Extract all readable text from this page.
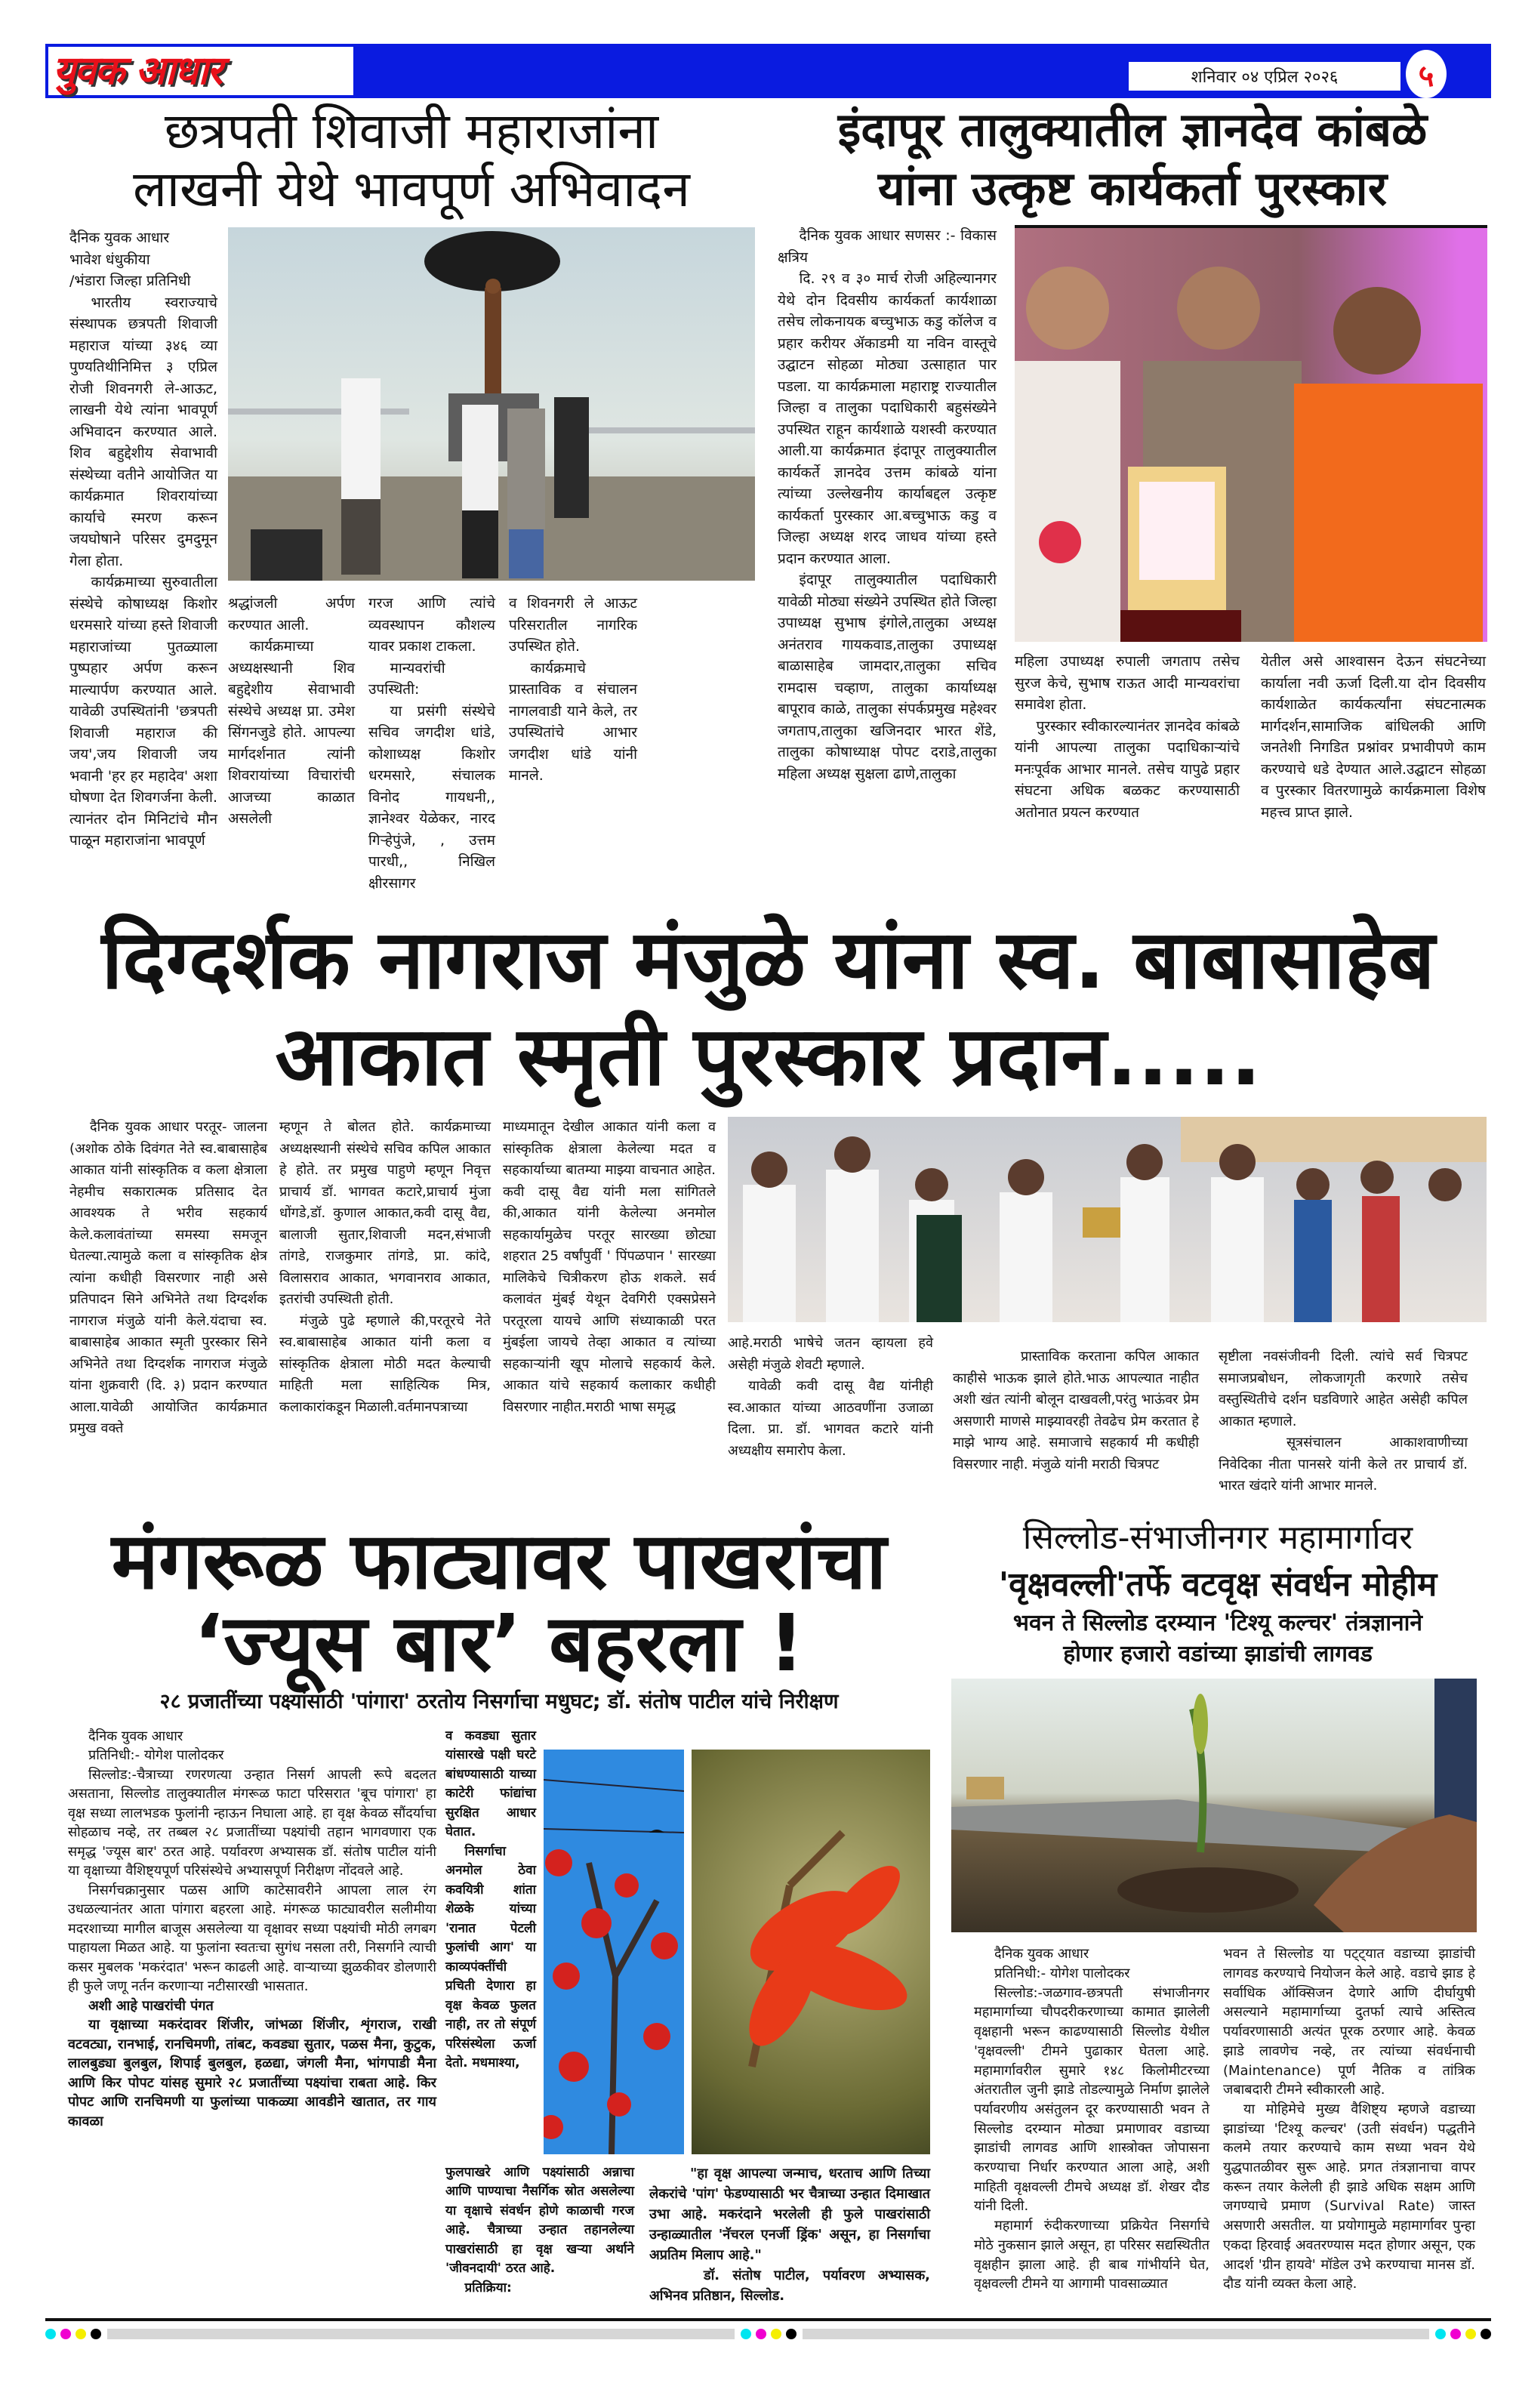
युवक आधार	शनिवार ०४ एप्रिल २०२६	५
छत्रपती शिवाजी महाराजांना
लाखनी येथे भावपूर्ण अभिवादन

दैनिक युवक आधार

भावेश धंधुकीया

/भंडारा जिल्हा प्रतिनिधी

भारतीय स्वराज्याचे संस्थापक छत्रपती शिवाजी महाराज यांच्या ३४६ व्या पुण्यतिथीनिमित्त ३ एप्रिल रोजी शिवनगरी ले-आऊट, लाखनी येथे त्यांना भावपूर्ण अभिवादन करण्यात आले. शिव बहुद्देशीय सेवाभावी संस्थेच्या वतीने आयोजित या कार्यक्रमात शिवरायांच्या कार्याचे स्मरण करून जयघोषाने परिसर दुमदुमून गेला होता.

कार्यक्रमाच्या सुरुवातीला संस्थेचे कोषाध्यक्ष किशोर धरमसारे यांच्या हस्ते शिवाजी महाराजांच्या पुतळ्याला पुष्पहार अर्पण करून माल्यार्पण करण्यात आले. यावेळी उपस्थितांनी 'छत्रपती शिवाजी महाराज की जय',जय शिवाजी जय भवानी 'हर हर महादेव' अशा घोषणा देत शिवगर्जना केली. त्यानंतर दोन मिनिटांचे मौन पाळून महाराजांना भावपूर्ण

श्रद्धांजली अर्पण करण्यात आली.

कार्यक्रमाच्या अध्यक्षस्थानी शिव बहुद्देशीय सेवाभावी संस्थेचे अध्यक्ष प्रा. उमेश सिंगनजुडे होते. आपल्या मार्गदर्शनात त्यांनी शिवरायांच्या विचारांची आजच्या काळात असलेली

गरज आणि त्यांचे व्यवस्थापन कौशल्य यावर प्रकाश टाकला.

मान्यवरांची उपस्थिती:

या प्रसंगी संस्थेचे सचिव जगदीश धांडे, कोशाध्यक्ष किशोर धरमसारे, संचालक विनोद गायधनी,, ज्ञानेश्वर येळेकर, नारद गिऱ्हेपुंजे, , उत्तम पारधी,, निखिल क्षीरसागर

व शिवनगरी ले आऊट परिसरातील नागरिक उपस्थित होते.

कार्यक्रमाचे प्रास्ताविक व संचालन नागलवाडी याने केले, तर उपस्थितांचे आभार जगदीश धांडे यांनी मानले.

इंदापूर तालुक्यातील ज्ञानदेव कांबळे
यांना उत्कृष्ट कार्यकर्ता पुरस्कार

दैनिक युवक आधार सणसर :- विकास क्षत्रिय

दि. २९ व ३० मार्च रोजी अहिल्यानगर येथे दोन दिवसीय कार्यकर्ता कार्यशाळा तसेच लोकनायक बच्चुभाऊ कडु कॉलेज व प्रहार करीयर ॲकाडमी या नविन वास्तूचे उद्घाटन सोहळा मोठ्या उत्साहात पार पडला. या कार्यक्रमाला महाराष्ट्र राज्यातील जिल्हा व तालुका पदाधिकारी बहुसंख्येने उपस्थित राहून कार्यशाळे यशस्वी करण्यात आली.या कार्यक्रमात इंदापूर तालुक्यातील कार्यकर्ते ज्ञानदेव उत्तम कांबळे यांना त्यांच्या उल्लेखनीय कार्याबद्दल उत्कृष्ट कार्यकर्ता पुरस्कार आ.बच्चुभाऊ कडु व जिल्हा अध्यक्ष शरद जाधव यांच्या हस्ते प्रदान करण्यात आला.

इंदापूर तालुक्यातील पदाधिकारी यावेळी मोठ्या संख्येने उपस्थित होते जिल्हा उपाध्यक्ष सुभाष इंगोले,तालुका अध्यक्ष अनंतराव गायकवाड,तालुका उपाध्यक्ष बाळासाहेब जामदार,तालुका सचिव रामदास चव्हाण, तालुका कार्याध्यक्ष बापूराव काळे, तालुका संपर्कप्रमुख महेश्वर जगताप,तालुका खजिनदार भारत शेंडे, तालुका कोषाध्याक्ष पोपट दराडे,तालुका महिला अध्यक्ष सुक्षला ढाणे,तालुका

महिला उपाध्यक्ष रुपाली जगताप तसेच सुरज केचे, सुभाष राऊत आदी मान्यवरांचा समावेश होता.

पुरस्कार स्वीकारल्यानंतर ज्ञानदेव कांबळे यांनी आपल्या तालुका पदाधिकाऱ्यांचे मनःपूर्वक आभार मानले. तसेच यापुढे प्रहार संघटना अधिक बळकट करण्यासाठी अतोनात प्रयत्न करण्यात

येतील असे आश्वासन देऊन संघटनेच्या कार्याला नवी ऊर्जा दिली.या दोन दिवसीय कार्यशाळेत कार्यकर्त्यांना संघटनात्मक मार्गदर्शन,सामाजिक बांधिलकी आणि जनतेशी निगडित प्रश्नांवर प्रभावीपणे काम करण्याचे धडे देण्यात आले.उद्घाटन सोहळा व पुरस्कार वितरणामुळे कार्यक्रमाला विशेष महत्त्व प्राप्त झाले.

दिग्दर्शक नागराज मंजुळे यांना स्व. बाबासाहेब
आकात स्मृती पुरस्कार प्रदान.....

दैनिक युवक आधार परतूर- जालना (अशोक ठोके दिवंगत नेते स्व.बाबासाहेब आकात यांनी सांस्कृतिक व कला क्षेत्राला नेहमीच सकारात्मक प्रतिसाद देत आवश्यक ते भरीव सहकार्य केले.कलावंतांच्या समस्या समजून घेतल्या.त्यामुळे कला व सांस्कृतिक क्षेत्र त्यांना कधीही विसरणार नाही असे प्रतिपादन सिने अभिनेते तथा दिग्दर्शक नागराज मंजुळे यांनी केले.यंदाचा स्व. बाबासाहेब आकात स्मृती पुरस्कार सिने अभिनेते तथा दिग्दर्शक नागराज मंजुळे यांना शुक्रवारी (दि. ३) प्रदान करण्यात आला.यावेळी आयोजित कार्यक्रमात प्रमुख वक्ते

म्हणून ते बोलत होते. कार्यक्रमाच्या अध्यक्षस्थानी संस्थेचे सचिव कपिल आकात हे होते. तर प्रमुख पाहुणे म्हणून निवृत्त प्राचार्य डॉ. भागवत कटारे,प्राचार्य मुंजा धोंगडे,डॉ. कुणाल आकात,कवी दासू वैद्य, बालाजी सुतार,शिवाजी मदन,संभाजी तांगडे, राजकुमार तांगडे, प्रा. कांदे, विलासराव आकात, भगवानराव आकात, इतरांची उपस्थिती होती.

मंजुळे पुढे म्हणाले की,परतूरचे नेते स्व.बाबासाहेब आकात यांनी कला व सांस्कृतिक क्षेत्राला मोठी मदत केल्याची माहिती मला साहित्यिक मित्र, कलाकारांकडून मिळाली.वर्तमानपत्राच्या

माध्यमातून देखील आकात यांनी कला व सांस्कृतिक क्षेत्राला केलेल्या मदत व सहकार्याच्या बातम्या माझ्या वाचनात आहेत. कवी दासू वैद्य यांनी मला सांगितले की,आकात यांनी केलेल्या अनमोल सहकार्यामुळेच परतूर सारख्या छोट्या शहरात 25 वर्षांपुर्वी ' पिंपळपान ' सारख्या मालिकेचे चित्रीकरण होऊ शकले. सर्व कलावंत मुंबई येथून देवगिरी एक्सप्रेसने परतूरला यायचे आणि संध्याकाळी परत मुंबईला जायचे तेव्हा आकात व त्यांच्या सहकाऱ्यांनी खूप मोलाचे सहकार्य केले. आकात यांचे सहकार्य कलाकार कधीही विसरणार नाहीत.मराठी भाषा समृद्ध

आहे.मराठी भाषेचे जतन व्हायला हवे असेही मंजुळे शेवटी म्हणाले.

यावेळी कवी दासू वैद्य यांनीही स्व.आकात यांच्या आठवणींना उजाळा दिला. प्रा. डॉ. भागवत कटारे यांनी अध्यक्षीय समारोप केला.

प्रास्ताविक करताना कपिल आकात काहीसे भाऊक झाले होते.भाऊ आपल्यात नाहीत अशी खंत त्यांनी बोलून दाखवली,परंतु भाऊंवर प्रेम असणारी माणसे माझ्यावरही तेवढेच प्रेम करतात हे माझे भाग्य आहे. समाजाचे सहकार्य मी कधीही विसरणार नाही. मंजुळे यांनी मराठी चित्रपट

सृष्टीला नवसंजीवनी दिली. त्यांचे सर्व चित्रपट समाजप्रबोधन, लोकजागृती करणारे तसेच वस्तुस्थितीचे दर्शन घडविणारे आहेत असेही कपिल आकात म्हणाले.

सूत्रसंचालन आकाशवाणीच्या निवेदिका नीता पानसरे यांनी केले तर प्राचार्य डॉ. भारत खंदारे यांनी आभार मानले.

मंगरूळ फाट्यावर पाखरांचा
‘ज्यूस बार’ बहरला !
२८ प्रजातींच्या पक्ष्यांसाठी 'पांगारा' ठरतोय निसर्गाचा मधुघट; डॉ. संतोष पाटील यांचे निरीक्षण

दैनिक युवक आधार

प्रतिनिधी:- योगेश पालोदकर

सिल्लोड:-चैत्राच्या रणरणत्या उन्हात निसर्ग आपली रूपे बदलत असताना, सिल्लोड तालुक्यातील मंगरूळ फाटा परिसरात 'बूच पांगारा' हा वृक्ष सध्या लालभडक फुलांनी न्हाऊन निघाला आहे. हा वृक्ष केवळ सौंदर्याचा सोहळाच नव्हे, तर तब्बल २८ प्रजातींच्या पक्ष्यांची तहान भागवणारा एक समृद्ध 'ज्यूस बार' ठरत आहे. पर्यावरण अभ्यासक डॉ. संतोष पाटील यांनी या वृक्षाच्या वैशिष्ट्यपूर्ण परिसंस्थेचे अभ्यासपूर्ण निरीक्षण नोंदवले आहे.

निसर्गचक्रानुसार पळस आणि काटेसावरीने आपला लाल रंग उधळल्यानंतर आता पांगारा बहरला आहे. मंगरूळ फाट्यावरील सलीमीया मदरशाच्या मागील बाजूस असलेल्या या वृक्षावर सध्या पक्ष्यांची मोठी लगबग पाहायला मिळत आहे. या फुलांना स्वतःचा सुगंध नसला तरी, निसर्गाने त्याची कसर मुबलक 'मकरंदात' भरून काढली आहे. वाऱ्याच्या झुळकीवर डोलणारी ही फुले जणू नर्तन करणाऱ्या नटीसारखी भासतात.

अशी आहे पाखरांची पंगत

या वृक्षाच्या मकरंदावर शिंजीर, जांभळा शिंजीर, शृंगराज, राखी वटवट्या, रानभाई, रानचिमणी, तांबट, कवड्या सुतार, पळस मैना, कुटुक, लालबुड्या बुलबुल, शिपाई बुलबुल, हळद्या, जंगली मैना, भांगपाडी मैना आणि किर पोपट यांसह सुमारे २८ प्रजातींच्या पक्ष्यांचा राबता आहे. किर पोपट आणि रानचिमणी या फुलांच्या पाकळ्या आवडीने खातात, तर गाय कावळा

व कवड्या सुतार यांसारखे पक्षी घरटे बांधण्यासाठी याच्या काटेरी फांद्यांचा सुरक्षित आधार घेतात.

निसर्गाचा अनमोल ठेवा कवयित्री शांता शेळके यांच्या 'रानात पेटली फुलांची आग' या काव्यपंक्तींची प्रचिती देणारा हा वृक्ष केवळ फुलत नाही, तर तो संपूर्ण परिसंस्थेला ऊर्जा देतो. मधमाश्या,

फुलपाखरे आणि पक्ष्यांसाठी अन्नाचा आणि पाण्याचा नैसर्गिक स्रोत असलेल्या या वृक्षाचे संवर्धन होणे काळाची गरज आहे. चैत्राच्या उन्हात तहानलेल्या पाखरांसाठी हा वृक्ष खऱ्या अर्थाने 'जीवनदायी' ठरत आहे.

प्रतिक्रिया:

"हा वृक्ष आपल्या जन्माच, धरताच आणि तिच्या लेकरांचे 'पांग' फेडण्यासाठी भर चैत्राच्या उन्हात दिमाखात उभा आहे. मकरंदाने भरलेली ही फुले पाखरांसाठी उन्हाळ्यातील 'नॅचरल एनर्जी ड्रिंक' असून, हा निसर्गाचा अप्रतिम मिलाप आहे."

डॉ. संतोष पाटील, पर्यावरण अभ्यासक, अभिनव प्रतिष्ठान, सिल्लोड.

सिल्लोड-संभाजीनगर महामार्गावर
'वृक्षवल्ली'तर्फे वटवृक्ष संवर्धन मोहीम
भवन ते सिल्लोड दरम्यान 'टिश्यू कल्चर' तंत्रज्ञानाने
होणार हजारो वडांच्या झाडांची लागवड

दैनिक युवक आधार

प्रतिनिधी:- योगेश पालोदकर

सिल्लोड:-जळगाव-छत्रपती संभाजीनगर महामार्गाच्या चौपदरीकरणाच्या कामात झालेली वृक्षहानी भरून काढण्यासाठी सिल्लोड येथील 'वृक्षवल्ली' टीमने पुढाकार घेतला आहे. महामार्गावरील सुमारे १४८ किलोमीटरच्या अंतरातील जुनी झाडे तोडल्यामुळे निर्माण झालेले पर्यावरणीय असंतुलन दूर करण्यासाठी भवन ते सिल्लोड दरम्यान मोठ्या प्रमाणावर वडाच्या झाडांची लागवड आणि शास्त्रोक्त जोपासना करण्याचा निर्धार करण्यात आला आहे, अशी माहिती वृक्षवल्ली टीमचे अध्यक्ष डॉ. शेखर दौड यांनी दिली.

महामार्ग रुंदीकरणाच्या प्रक्रियेत निसर्गाचे मोठे नुकसान झाले असून, हा परिसर सद्यस्थितीत वृक्षहीन झाला आहे. ही बाब गांभीर्याने घेत, वृक्षवल्ली टीमने या आगामी पावसाळ्यात

भवन ते सिल्लोड या पट्ट्यात वडाच्या झाडांची लागवड करण्याचे नियोजन केले आहे. वडाचे झाड हे सर्वाधिक ऑक्सिजन देणारे आणि दीर्घायुषी असल्याने महामार्गाच्या दुतर्फा त्याचे अस्तित्व पर्यावरणासाठी अत्यंत पूरक ठरणार आहे. केवळ झाडे लावणेच नव्हे, तर त्यांच्या संवर्धनाची (Maintenance) पूर्ण नैतिक व तांत्रिक जबाबदारी टीमने स्वीकारली आहे.

या मोहिमेचे मुख्य वैशिष्ट्य म्हणजे वडाच्या झाडांच्या 'टिश्यू कल्चर' (उती संवर्धन) पद्धतीने कलमे तयार करण्याचे काम सध्या भवन येथे युद्धपातळीवर सुरू आहे. प्रगत तंत्रज्ञानाचा वापर करून तयार केलेली ही झाडे अधिक सक्षम आणि जगण्याचे प्रमाण (Survival Rate) जास्त असणारी असतील. या प्रयोगामुळे महामार्गावर पुन्हा एकदा हिरवाई अवतरण्यास मदत होणार असून, एक आदर्श 'ग्रीन हायवे' मॉडेल उभे करण्याचा मानस डॉ. दौड यांनी व्यक्त केला आहे.
